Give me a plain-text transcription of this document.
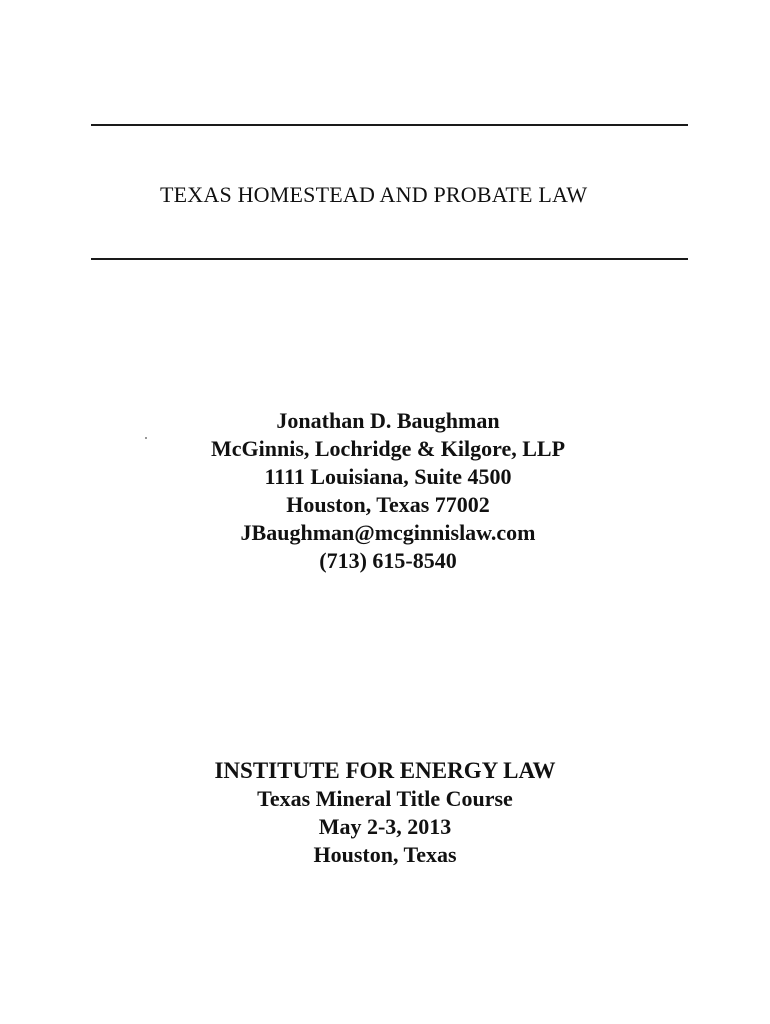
TEXAS HOMESTEAD AND PROBATE LAW
Jonathan D. Baughman
McGinnis, Lochridge & Kilgore, LLP
1111 Louisiana, Suite 4500
Houston, Texas 77002
JBaughman@mcginnislaw.com
(713) 615-8540
INSTITUTE FOR ENERGY LAW
Texas Mineral Title Course
May 2-3, 2013
Houston, Texas
